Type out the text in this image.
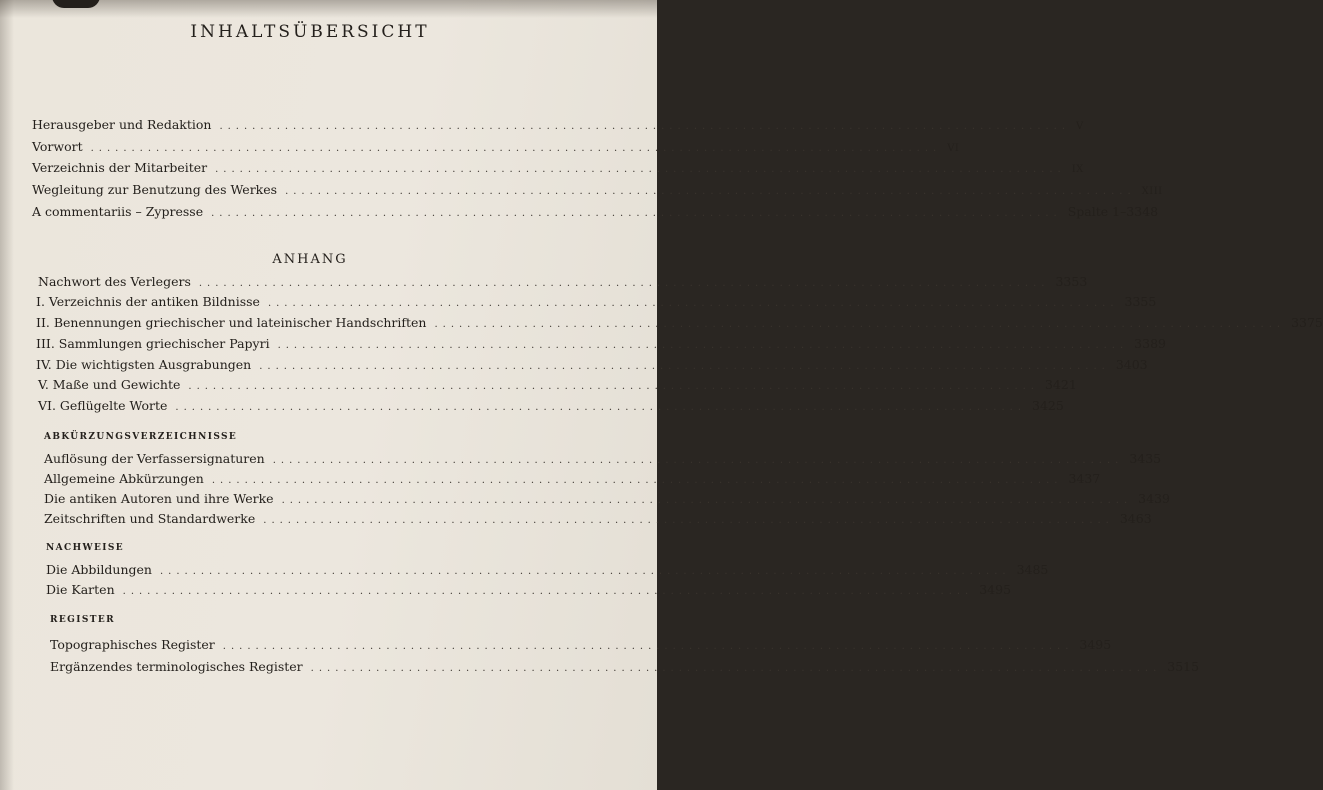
INHALTSÜBERSICHT
Herausgeber und Redaktion ........................................................................................................ V
Vorwort ........................................................................................................ VI
Verzeichnis der Mitarbeiter ........................................................................................................ IX
Wegleitung zur Benutzung des Werkes ........................................................................................................ XIII
A commentariis – Zypresse ........................................................................................................ Spalte 1–3348
ANHANG
Nachwort des Verlegers ........................................................................................................ 3353
I. Verzeichnis der antiken Bildnisse ........................................................................................................ 3355
II. Benennungen griechischer und lateinischer Handschriften ........................................................................................................ 3375
III. Sammlungen griechischer Papyri ........................................................................................................ 3389
IV. Die wichtigsten Ausgrabungen ........................................................................................................ 3403
V. Maße und Gewichte ........................................................................................................ 3421
VI. Geflügelte Worte ........................................................................................................ 3425
ABKÜRZUNGSVERZEICHNISSE
Auflösung der Verfassersignaturen ........................................................................................................ 3435
Allgemeine Abkürzungen ........................................................................................................ 3437
Die antiken Autoren und ihre Werke ........................................................................................................ 3439
Zeitschriften und Standardwerke ........................................................................................................ 3463
NACHWEISE
Die Abbildungen ........................................................................................................ 3485
Die Karten ........................................................................................................ 3495
REGISTER
Topographisches Register ........................................................................................................ 3495
Ergänzendes terminologisches Register ........................................................................................................ 3515
